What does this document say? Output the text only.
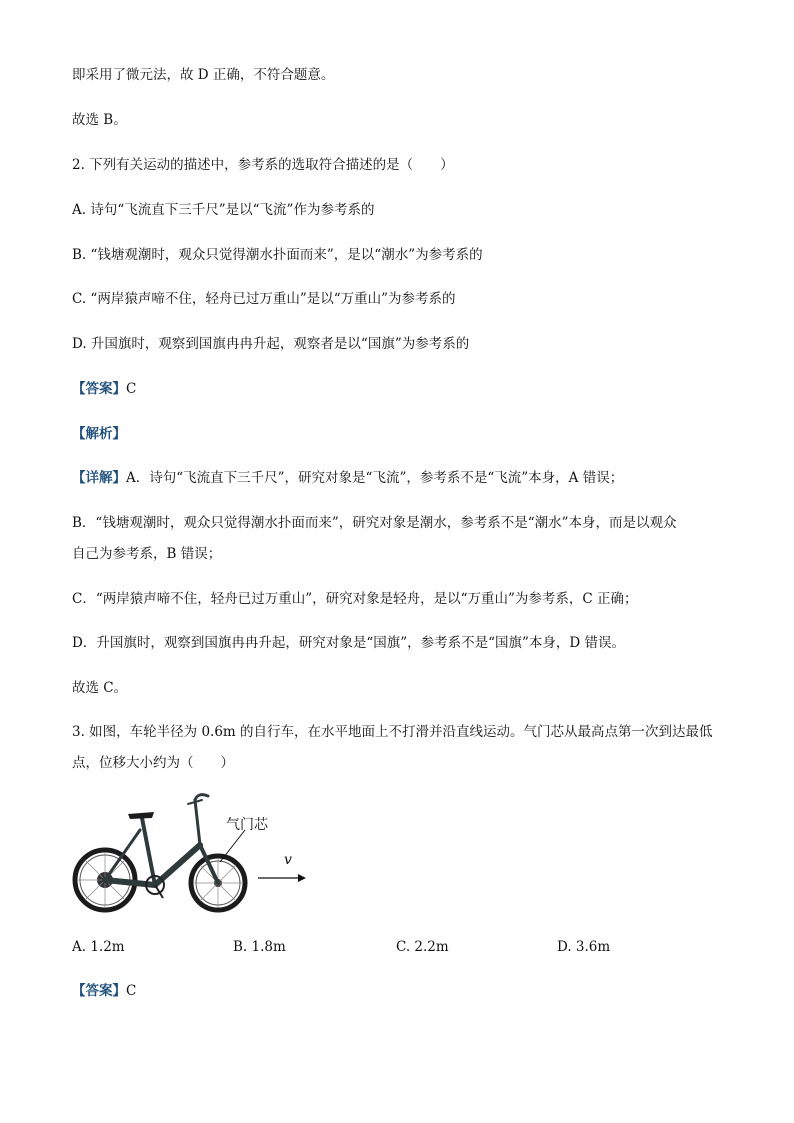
即采用了微元法，故 D 正确，不符合题意。
故选 B。
2. 下列有关运动的描述中，参考系的选取符合描述的是（　　）
A. 诗句“飞流直下三千尺”是以“飞流”作为参考系的
B. “钱塘观潮时，观众只觉得潮水扑面而来”，是以“潮水”为参考系的
C. “两岸猿声啼不住，轻舟已过万重山”是以“万重山”为参考系的
D. 升国旗时，观察到国旗冉冉升起，观察者是以“国旗”为参考系的
【答案】C
【解析】
【详解】A．诗句“飞流直下三千尺”，研究对象是“飞流”，参考系不是“飞流”本身，A 错误；
B．“钱塘观潮时，观众只觉得潮水扑面而来”，研究对象是潮水，参考系不是“潮水”本身，而是以观众
自己为参考系，B 错误；
C．“两岸猿声啼不住，轻舟已过万重山”，研究对象是轻舟，是以“万重山”为参考系，C 正确；
D．升国旗时，观察到国旗冉冉升起，研究对象是“国旗”，参考系不是“国旗”本身，D 错误。
故选 C。
3. 如图，车轮半径为 0.6m 的自行车，在水平地面上不打滑并沿直线运动。气门芯从最高点第一次到达最低
点，位移大小约为（　　）
气门芯
v
A. 1.2m	B. 1.8m	C. 2.2m	D. 3.6m
【答案】C
